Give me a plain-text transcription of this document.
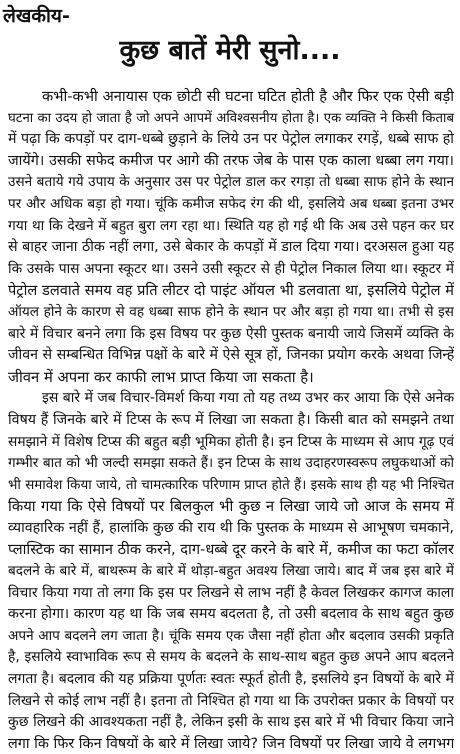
लेखकीय-
कुछ बातें मेरी सुनो....
कभी-कभी अनायास एक छोटी सी घटना घटित होती है और फिर एक ऐसी बड़ी
घटना का उदय हो जाता है जो अपने आपमें अविश्वसनीय होता है। एक व्यक्ति ने किसी किताब
में पढ़ा कि कपड़ों पर दाग-धब्बे छुड़ाने के लिये उन पर पेट्रोल लगाकर रगड़ें, धब्बे साफ हो
जायेंगे। उसकी सफेद कमीज पर आगे की तरफ जेब के पास एक काला धब्बा लग गया।
उसने बताये गये उपाय के अनुसार उस पर पेट्रोल डाल कर रगड़ा तो धब्बा साफ होने के स्थान
पर और अधिक बड़ा हो गया। चूंकि कमीज सफेद रंग की थी, इसलिये अब धब्बा इतना उभर
गया था कि देखने में बहुत बुरा लग रहा था। स्थिति यह हो गई थी कि अब उसे पहन कर घर
से बाहर जाना ठीक नहीं लगा, उसे बेकार के कपड़ों में डाल दिया गया। दरअसल हुआ यह
कि उसके पास अपना स्कूटर था। उसने उसी स्कूटर से ही पेट्रोल निकाल लिया था। स्कूटर में
पेट्रोल डलवाते समय वह प्रति लीटर दो पाइंट ऑयल भी डलवाता था, इसलिये पेट्रोल में
ऑयल होने के कारण से वह धब्बा साफ होने के स्थान पर और बड़ा हो गया था। तभी से इस
बारे में विचार बनने लगा कि इस विषय पर कुछ ऐसी पुस्तक बनायी जाये जिसमें व्यक्ति के
जीवन से सम्बन्धित विभिन्न पक्षों के बारे में ऐसे सूत्र हों, जिनका प्रयोग करके अथवा जिन्हें
जीवन में अपना कर काफी लाभ प्राप्त किया जा सकता है।
इस बारे में जब विचार-विमर्श किया गया तो यह तथ्य उभर कर आया कि ऐसे अनेक
विषय हैं जिनके बारे में टिप्स के रूप में लिखा जा सकता है। किसी बात को समझने तथा
समझाने में विशेष टिप्स की बहुत बड़ी भूमिका होती है। इन टिप्स के माध्यम से आप गूढ़ एवं
गम्भीर बात को भी जल्दी समझा सकते हैं। इन टिप्स के साथ उदाहरणस्वरूप लघुकथाओं को
भी समावेश किया जाये, तो चामत्कारिक परिणाम प्राप्त होते हैं। इसके साथ ही यह भी निश्चित
किया गया कि ऐसे विषयों पर बिलकुल भी कुछ न लिखा जाये जो आज के समय में
व्यावहारिक नहीं हैं, हालांकि कुछ की राय थी कि पुस्तक के माध्यम से आभूषण चमकाने,
प्लास्टिक का सामान ठीक करने, दाग-धब्बे दूर करने के बारे में, कमीज का फटा कॉलर
बदलने के बारे में, बाथरूम के बारे में थोड़ा-बहुत अवश्य लिखा जाये। बाद में जब इस बारे में
विचार किया गया तो लगा कि इस पर लिखने से लाभ नहीं है केवल लिखकर कागज काला
करना होगा। कारण यह था कि जब समय बदलता है, तो उसी बदलाव के साथ बहुत कुछ
अपने आप बदलने लग जाता है। चूंकि समय एक जैसा नहीं होता और बदलाव उसकी प्रकृति
है, इसलिये स्वाभाविक रूप से समय के बदलने के साथ-साथ बहुत कुछ अपने आप बदलने
लगता है। बदलाव की यह प्रक्रिया पूर्णतः स्वतः स्फूर्त होती है, इसलिये इन विषयों के बारे में
लिखने से कोई लाभ नहीं है। इतना तो निश्चित हो गया था कि उपरोक्त प्रकार के विषयों पर
कुछ लिखने की आवश्यकता नहीं है, लेकिन इसी के साथ इस बारे में भी विचार किया जाने
लगा कि फिर किन विषयों के बारे में लिखा जाये? जिन विषयों पर लिखा जाये वे लगभग
